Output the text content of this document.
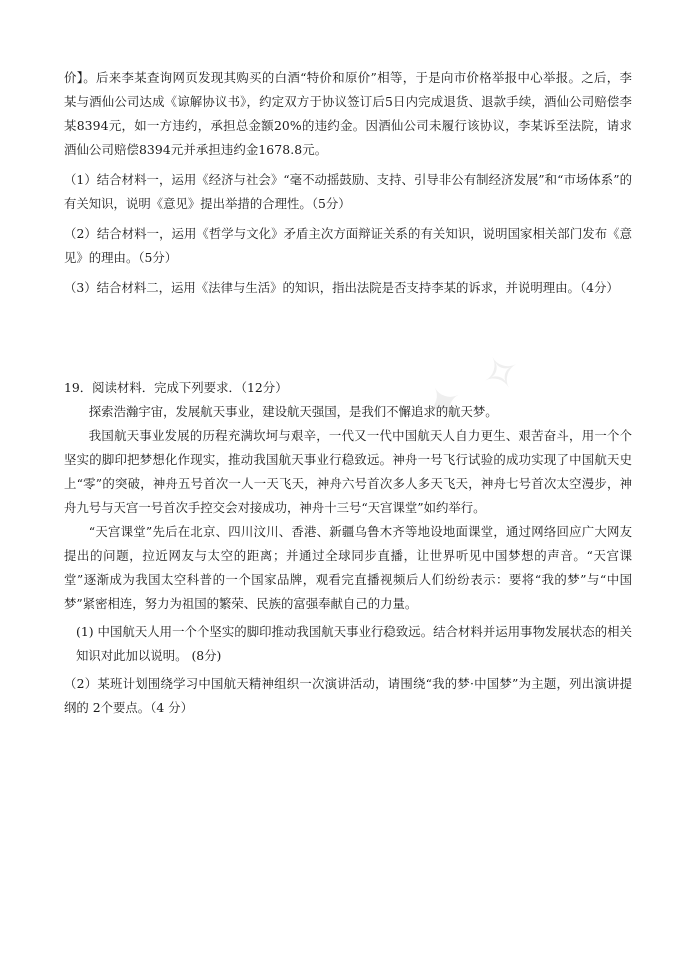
价】。后来李某查询网页发现其购买的白酒“特价和原价”相等，于是向市价格举报中心举报。之后，李某与酒仙公司达成《谅解协议书》，约定双方于协议签订后5日内完成退货、退款手续，酒仙公司赔偿李某8394元，如一方违约，承担总金额20%的违约金。因酒仙公司未履行该协议，李某诉至法院，请求酒仙公司赔偿8394元并承担违约金1678.8元。

（1）结合材料一，运用《经济与社会》“毫不动摇鼓励、支持、引导非公有制经济发展”和“市场体系”的有关知识，说明《意见》提出举措的合理性。（5分）

（2）结合材料一，运用《哲学与文化》矛盾主次方面辩证关系的有关知识，说明国家相关部门发布《意见》的理由。（5分）

（3）结合材料二，运用《法律与生活》的知识，指出法院是否支持李某的诉求，并说明理由。（4分）

19．阅读材料．完成下列要求．（12分）

探索浩瀚宇宙，发展航天事业，建设航天强国，是我们不懈追求的航天梦。

我国航天事业发展的历程充满坎坷与艰辛，一代又一代中国航天人自力更生、艰苦奋斗，用一个个坚实的脚印把梦想化作现实，推动我国航天事业行稳致远。神舟一号飞行试验的成功实现了中国航天史上“零”的突破，神舟五号首次一人一天飞天，神舟六号首次多人多天飞天，神舟七号首次太空漫步，神舟九号与天宫一号首次手控交会对接成功，神舟十三号“天宫课堂”如约举行。

“天宫课堂”先后在北京、四川汶川、香港、新疆乌鲁木齐等地设地面课堂，通过网络回应广大网友提出的问题，拉近网友与太空的距离；并通过全球同步直播，让世界听见中国梦想的声音。“天宫课堂”逐渐成为我国太空科普的一个国家品牌，观看完直播视频后人们纷纷表示：要将“我的梦”与“中国梦”紧密相连，努力为祖国的繁荣、民族的富强奉献自己的力量。

(1) 中国航天人用一个个坚实的脚印推动我国航天事业行稳致远。结合材料并运用事物发展状态的相关知识对此加以说明。 (8分)

（2）某班计划围绕学习中国航天精神组织一次演讲活动，请围绕“我的梦·中国梦”为主题，列出演讲提纲的 2个要点。（4 分）

✦ ✧
